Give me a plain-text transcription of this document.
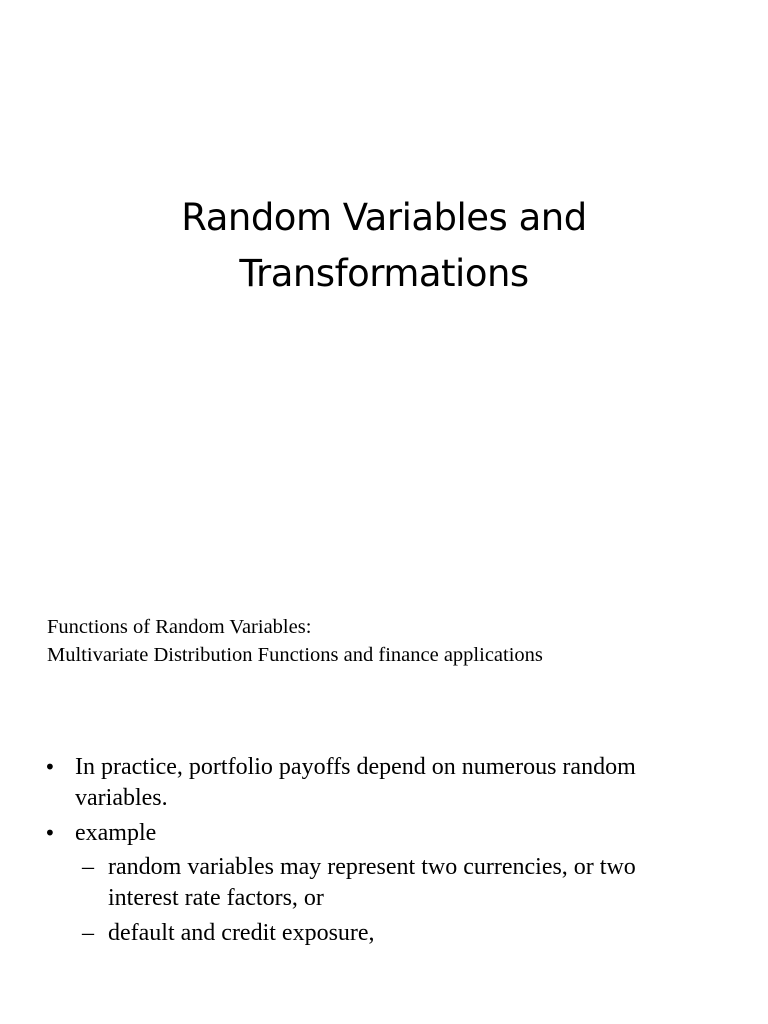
Random Variables and
Transformations
Functions of Random Variables:
Multivariate Distribution Functions and finance applications
• In practice, portfolio payoffs depend on numerous random variables.
• example
– random variables may represent two currencies, or two interest rate factors, or
– default and credit exposure,
